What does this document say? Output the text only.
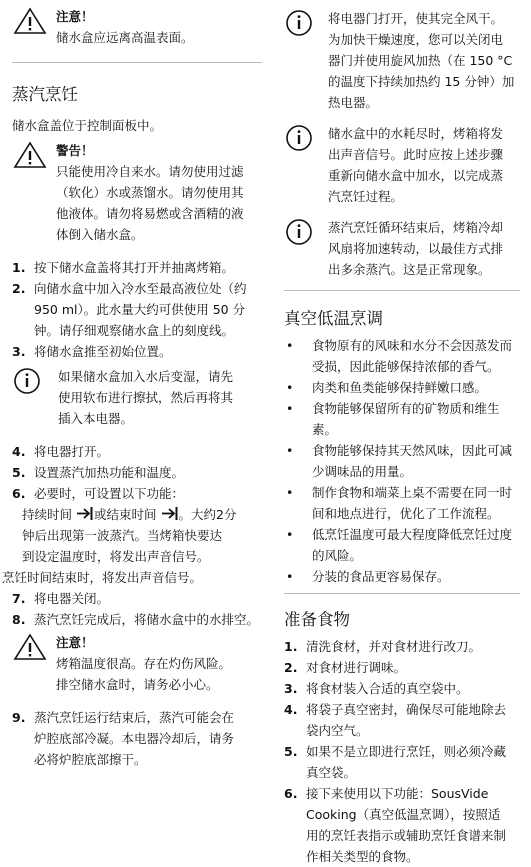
注意！
储水盒应远离高温表面。
蒸汽烹饪
储水盒盖位于控制面板中。
警告！
只能使用冷自来水。请勿使用过滤
（软化）水或蒸馏水。请勿使用其
他液体。请勿将易燃或含酒精的液
体倒入储水盒。
1. 按下储水盒盖将其打开并抽离烤箱。
2. 向储水盒中加入冷水至最高液位处（约
950 ml）。此水量大约可供使用 50 分
钟。请仔细观察储水盒上的刻度线。
3. 将储水盒推至初始位置。
如果储水盒加入水后变湿，请先
使用软布进行擦拭，然后再将其
插入本电器。
4. 将电器打开。
5. 设置蒸汽加热功能和温度。
6. 必要时，可设置以下功能：
持续时间 或结束时间 。大约2分
钟后出现第一波蒸汽。当烤箱快要达
到设定温度时，将发出声音信号。
烹饪时间结束时，将发出声音信号。
7. 将电器关闭。
8. 蒸汽烹饪完成后，将储水盒中的水排空。
注意！
烤箱温度很高。存在灼伤风险。
排空储水盒时，请务必小心。
9. 蒸汽烹饪运行结束后，蒸汽可能会在
炉腔底部冷凝。本电器冷却后，请务
必将炉腔底部擦干。
将电器门打开，使其完全风干。
为加快干燥速度，您可以关闭电
器门并使用旋风加热（在 150 °C
的温度下持续加热约 15 分钟）加
热电器。
储水盒中的水耗尽时，烤箱将发
出声音信号。此时应按上述步骤
重新向储水盒中加水，以完成蒸
汽烹饪过程。
蒸汽烹饪循环结束后，烤箱冷却
风扇将加速转动，以最佳方式排
出多余蒸汽。这是正常现象。
真空低温烹调
•	食物原有的风味和水分不会因蒸发而
受损，因此能够保持浓郁的香气。
•	肉类和鱼类能够保持鲜嫩口感。
•	食物能够保留所有的矿物质和维生素。
•	食物能够保持其天然风味，因此可减
少调味品的用量。
•	制作食物和端菜上桌不需要在同一时
间和地点进行，优化了工作流程。
•	低烹饪温度可最大程度降低烹饪过度
的风险。
•	分装的食品更容易保存。
准备食物
1. 清洗食材，并对食材进行改刀。
2. 对食材进行调味。
3. 将食材装入合适的真空袋中。
4. 将袋子真空密封，确保尽可能地除去
袋内空气。
5. 如果不是立即进行烹饪，则必须冷藏
真空袋。
6. 接下来使用以下功能：SousVide
Cooking（真空低温烹调），按照适
用的烹饪表指示或辅助烹饪食谱来制
作相关类型的食物。
